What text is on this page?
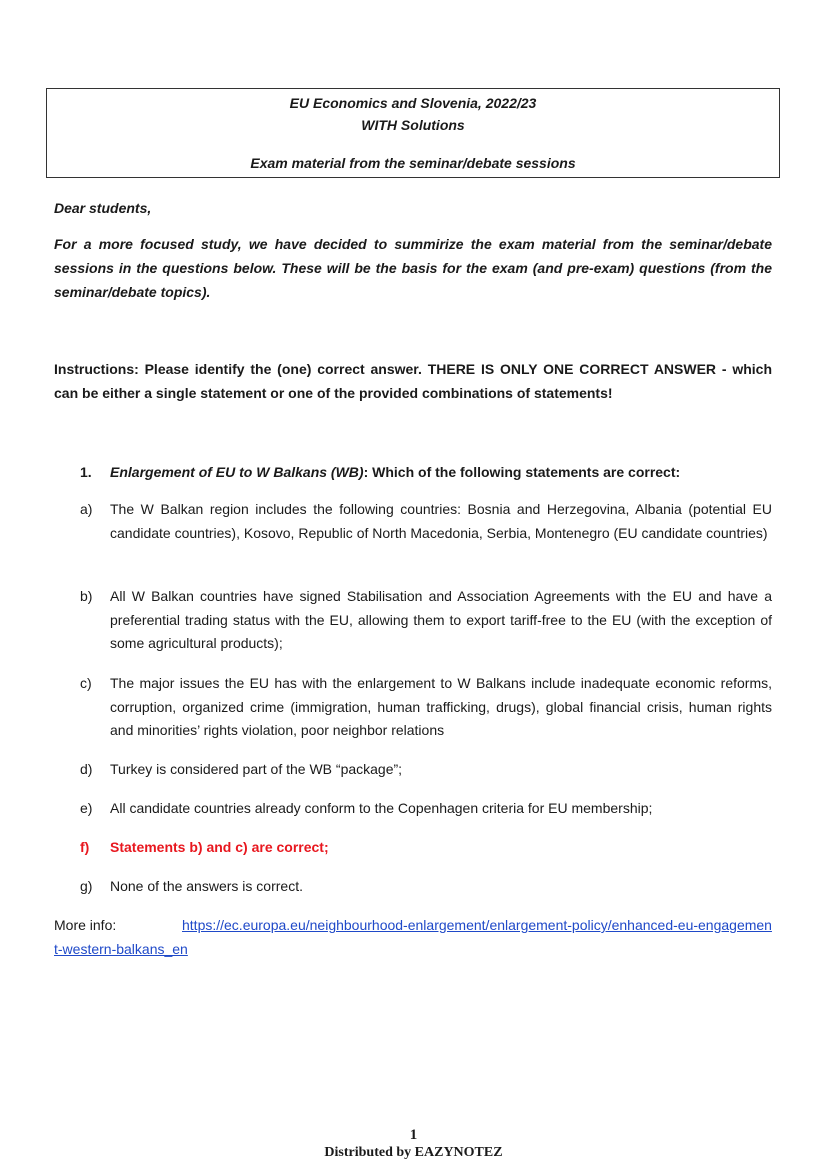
EU Economics and Slovenia, 2022/23
WITH Solutions
Exam material from the seminar/debate sessions
Dear students,
For a more focused study, we have decided to summirize the exam material from the seminar/debate sessions in the questions below. These will be the basis for the exam (and pre-exam) questions (from the seminar/debate topics).
Instructions: Please identify the (one) correct answer. THERE IS ONLY ONE CORRECT ANSWER - which can be either a single statement or one of the provided combinations of statements!
1. Enlargement of EU to W Balkans (WB): Which of the following statements are correct:
a)	The W Balkan region includes the following countries: Bosnia and Herzegovina, Albania (potential EU candidate countries), Kosovo, Republic of North Macedonia, Serbia, Montenegro (EU candidate countries)
b)	All W Balkan countries have signed Stabilisation and Association Agreements with the EU and have a preferential trading status with the EU, allowing them to export tariff-free to the EU (with the exception of some agricultural products);
c)	The major issues the EU has with the enlargement to W Balkans include inadequate economic reforms, corruption, organized crime (immigration, human trafficking, drugs), global financial crisis, human rights and minorities’ rights violation, poor neighbor relations
d)	Turkey is considered part of the WB “package”;
e)	All candidate countries already conform to the Copenhagen criteria for EU membership;
f)	Statements b) and c) are correct;
g)	None of the answers is correct.
More info:	https://ec.europa.eu/neighbourhood-enlargement/enlargement-policy/enhanced-eu-engagement-western-balkans_en
1
Distributed by EAZYNOTEZ
